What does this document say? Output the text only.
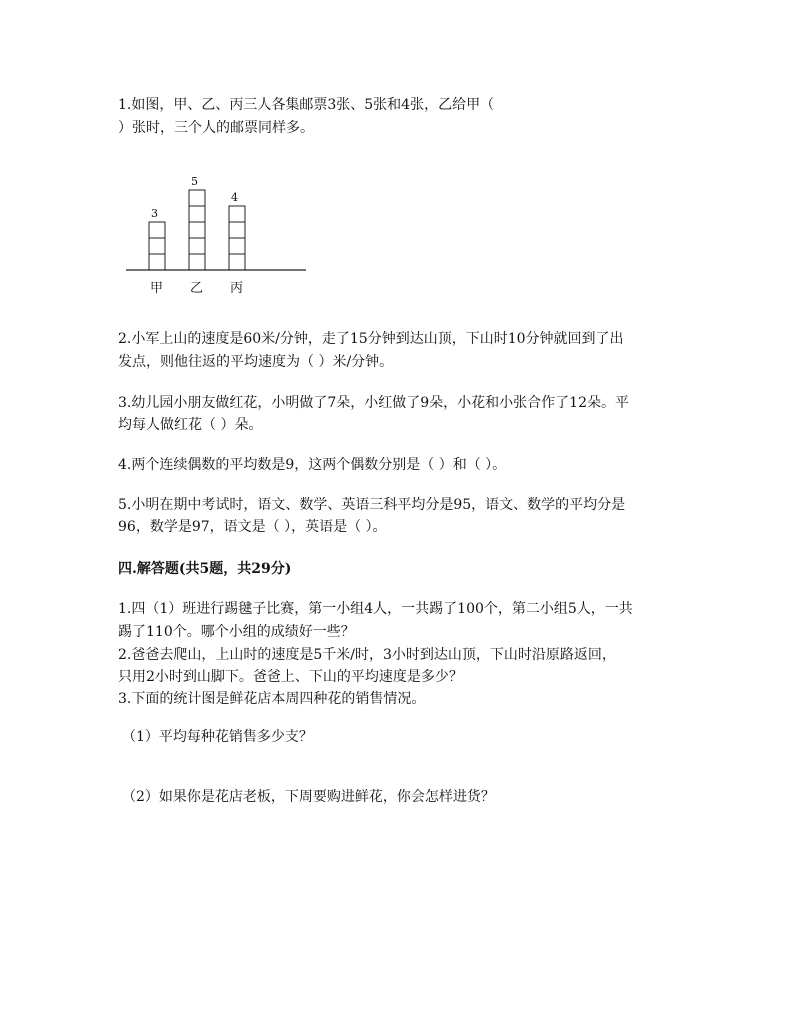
1.如图，甲、乙、丙三人各集邮票3张、5张和4张，乙给甲（
）张时，三个人的邮票同样多。
3
甲
5
乙
4
丙
2.小军上山的速度是60米/分钟，走了15分钟到达山顶，下山时10分钟就回到了出
发点，则他往返的平均速度为（ ）米/分钟。
3.幼儿园小朋友做红花，小明做了7朵，小红做了9朵，小花和小张合作了12朵。平
均每人做红花（ ）朵。
4.两个连续偶数的平均数是9，这两个偶数分别是（ ）和（ ）。
5.小明在期中考试时，语文、数学、英语三科平均分是95，语文、数学的平均分是
96，数学是97，语文是（ ），英语是（ ）。
四.解答题(共5题，共29分)
1.四（1）班进行踢毽子比赛，第一小组4人，一共踢了100个，第二小组5人，一共
踢了110个。哪个小组的成绩好一些？
2.爸爸去爬山，上山时的速度是5千米/时，3小时到达山顶，下山时沿原路返回，
只用2小时到山脚下。爸爸上、下山的平均速度是多少？
3.下面的统计图是鲜花店本周四种花的销售情况。
（1）平均每种花销售多少支？
（2）如果你是花店老板，下周要购进鲜花，你会怎样进货？
